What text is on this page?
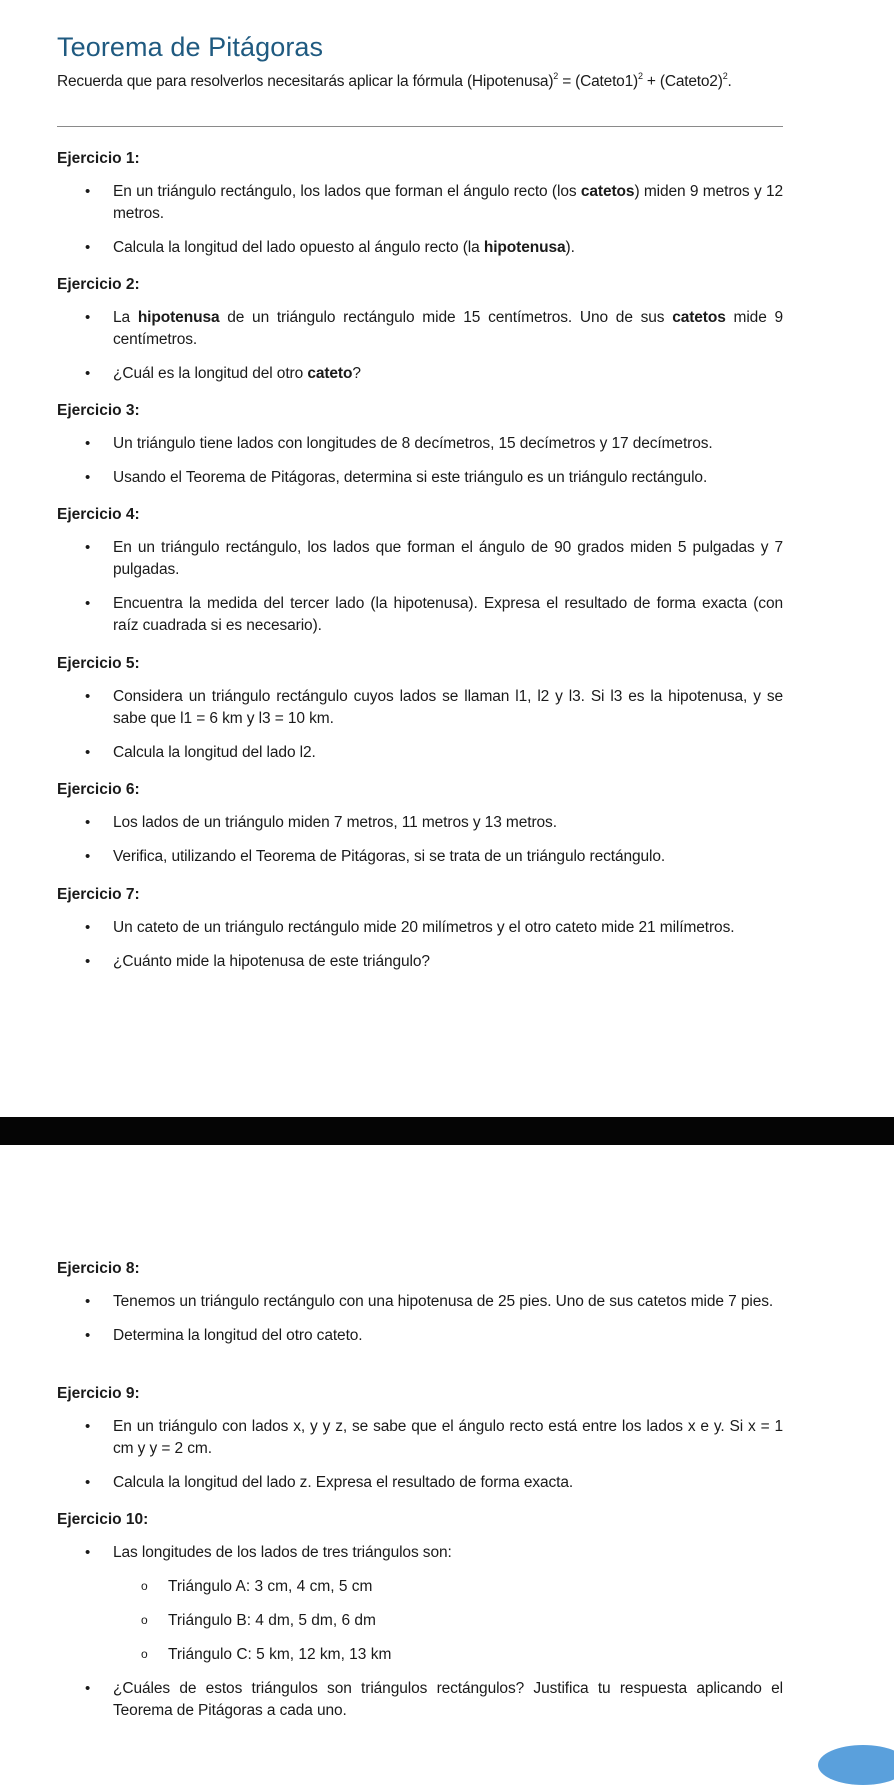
Teorema de Pitágoras
Recuerda que para resolverlos necesitarás aplicar la fórmula (Hipotenusa)$^2$ = (Cateto1)$^2$ + (Cateto2)$^2$.

Ejercicio 1:

• En un triángulo rectángulo, los lados que forman el ángulo recto (los catetos) miden 9 metros y 12 metros.
• Calcula la longitud del lado opuesto al ángulo recto (la hipotenusa).

Ejercicio 2:

• La hipotenusa de un triángulo rectángulo mide 15 centímetros. Uno de sus catetos mide 9 centímetros.
• ¿Cuál es la longitud del otro cateto?

Ejercicio 3:

• Un triángulo tiene lados con longitudes de 8 decímetros, 15 decímetros y 17 decímetros.
• Usando el Teorema de Pitágoras, determina si este triángulo es un triángulo rectángulo.

Ejercicio 4:

• En un triángulo rectángulo, los lados que forman el ángulo de 90 grados miden 5 pulgadas y 7 pulgadas.
• Encuentra la medida del tercer lado (la hipotenusa). Expresa el resultado de forma exacta (con raíz cuadrada si es necesario).

Ejercicio 5:

• Considera un triángulo rectángulo cuyos lados se llaman l1, l2 y l3. Si l3 es la hipotenusa, y se sabe que l1 = 6 km y l3 = 10 km.
• Calcula la longitud del lado l2.

Ejercicio 6:

• Los lados de un triángulo miden 7 metros, 11 metros y 13 metros.
• Verifica, utilizando el Teorema de Pitágoras, si se trata de un triángulo rectángulo.

Ejercicio 7:

• Un cateto de un triángulo rectángulo mide 20 milímetros y el otro cateto mide 21 milímetros.
• ¿Cuánto mide la hipotenusa de este triángulo?

Ejercicio 8:

• Tenemos un triángulo rectángulo con una hipotenusa de 25 pies. Uno de sus catetos mide 7 pies.
• Determina la longitud del otro cateto.

Ejercicio 9:

• En un triángulo con lados x, y y z, se sabe que el ángulo recto está entre los lados x e y. Si x = 1 cm y y = 2 cm.
• Calcula la longitud del lado z. Expresa el resultado de forma exacta.

Ejercicio 10:

• Las longitudes de los lados de tres triángulos son:
o Triángulo A: 3 cm, 4 cm, 5 cm
o Triángulo B: 4 dm, 5 dm, 6 dm
o Triángulo C: 5 km, 12 km, 13 km
• ¿Cuáles de estos triángulos son triángulos rectángulos? Justifica tu respuesta aplicando el Teorema de Pitágoras a cada uno.
